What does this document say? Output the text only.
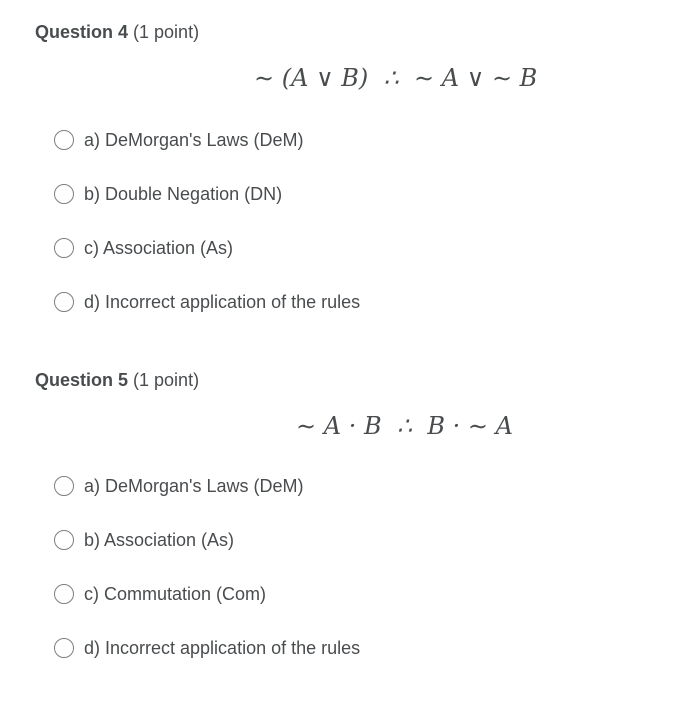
Question 4 (1 point)
∼ (A ∨ B)  ∴  ∼ A ∨ ∼ B
a) DeMorgan's Laws (DeM)
b) Double Negation (DN)
c) Association (As)
d) Incorrect application of the rules
Question 5 (1 point)
∼ A · B  ∴  B · ∼ A
a) DeMorgan's Laws (DeM)
b) Association (As)
c) Commutation (Com)
d) Incorrect application of the rules
